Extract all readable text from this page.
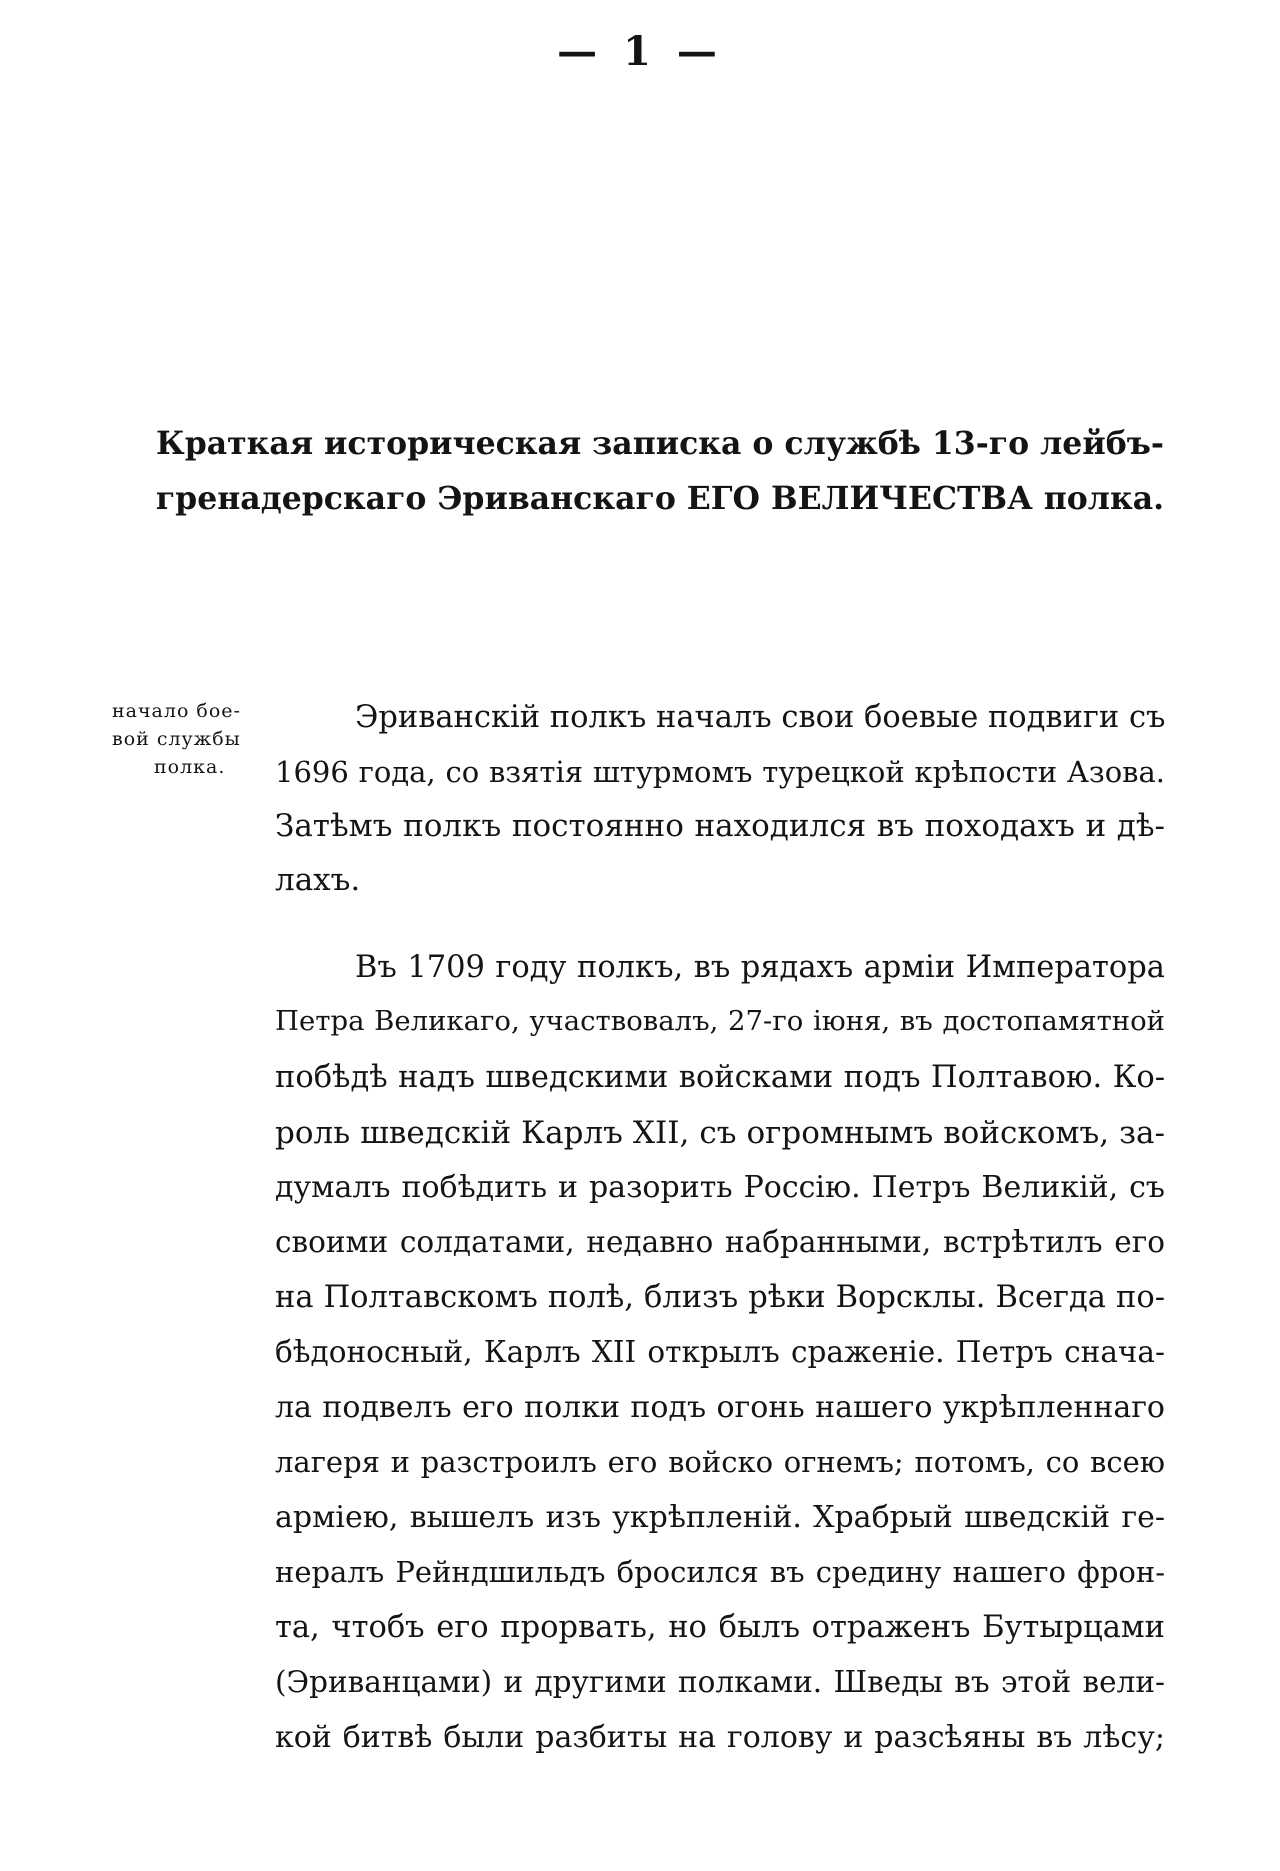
— 1 —
Краткая историческая записка о службѣ 13-го лейбъ-
гренадерскаго Эриванскаго ЕГО ВЕЛИЧЕСТВА полка.
начало бое-
вой службы
полка.
Эриванскій полкъ началъ свои боевые подвиги съ
1696 года, со взятія штурмомъ турецкой крѣпости Азова.
Затѣмъ полкъ постоянно находился въ походахъ и дѣ-
лахъ.
Въ 1709 году полкъ, въ рядахъ арміи Императора
Петра Великаго, участвовалъ, 27-го іюня, въ достопамятной
побѣдѣ надъ шведскими войсками подъ Полтавою. Ко-
роль шведскій Карлъ XII, съ огромнымъ войскомъ, за-
думалъ побѣдить и разорить Россію. Петръ Великій, съ
своими солдатами, недавно набранными, встрѣтилъ его
на Полтавскомъ полѣ, близъ рѣки Ворсклы. Всегда по-
бѣдоносный, Карлъ XII открылъ сраженіе. Петръ снача-
ла подвелъ его полки подъ огонь нашего укрѣпленнаго
лагеря и разстроилъ его войско огнемъ; потомъ, со всею
арміею, вышелъ изъ укрѣпленій. Храбрый шведскій ге-
нералъ Рейндшильдъ бросился въ средину нашего фрон-
та, чтобъ его прорвать, но былъ отраженъ Бутырцами
(Эриванцами) и другими полками. Шведы въ этой вели-
кой битвѣ были разбиты на голову и разсѣяны въ лѣсу;
